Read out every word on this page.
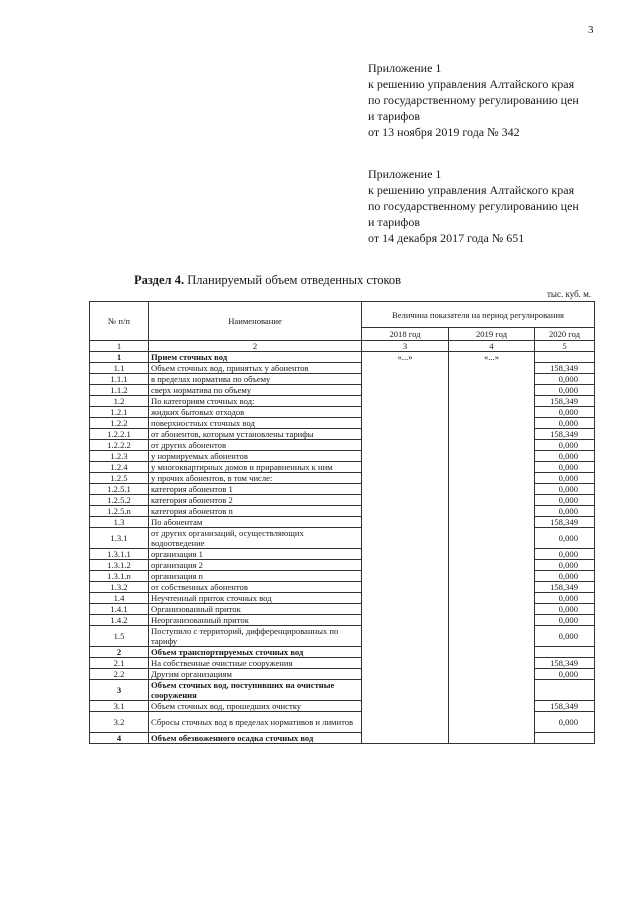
3
Приложение 1
к решению управления Алтайского края
по государственному регулированию цен
и тарифов
от 13 ноября 2019 года № 342
Приложение 1
к решению управления Алтайского края
по государственному регулированию цен
и тарифов
от 14 декабря 2017 года № 651
Раздел 4. Планируемый объем отведенных стоков
тыс. куб. м.
№ п/п	Наименование	Величина показателя на период регулирования		
		2018 год	2019 год	2020 год
1	2	3	4	5
1	Прием сточных вод	«...»	«...»	
1.1	Объем сточных вод, принятых у абонентов			158,349
1.1.1	в пределах норматива по объему			0,000
1.1.2	сверх норматива по объему			0,000
1.2	По категориям сточных вод:			158,349
1.2.1	жидких бытовых отходов			0,000
1.2.2	поверхностных сточных вод			0,000
1.2.2.1	от абонентов, которым установлены тарифы			158,349
1.2.2.2	от других абонентов			0,000
1.2.3	у нормируемых абонентов			0,000
1.2.4	у многоквартирных домов и приравненных к ним			0,000
1.2.5	у прочих абонентов, в том числе:			0,000
1.2.5.1	категория абонентов 1			0,000
1.2.5.2	категория абонентов 2			0,000
1.2.5.n	категория абонентов n			0,000
1.3	По абонентам			158,349
1.3.1	от других организаций, осуществляющих водоотведение			0,000
1.3.1.1	организация 1			0,000
1.3.1.2	организация 2			0,000
1.3.1.n	организация n			0,000
1.3.2	от собственных абонентов			158,349
1.4	Неучтенный приток сточных вод			0,000
1.4.1	Организованный приток			0,000
1.4.2	Неорганизованный приток			0,000
1.5	Поступило с территорий, дифференцированных по тарифу			0,000
2	Объем транспортируемых сточных вод			
2.1	На собственные очистные сооружения			158,349
2.2	Другим организациям			0,000
3	Объем сточных вод, поступивших на очистные сооружения			
3.1	Объем сточных вод, прошедших очистку			158,349
3.2	Сбросы сточных вод в пределах нормативов и лимитов			0,000
4	Объем обезвоженного осадка сточных вод			
